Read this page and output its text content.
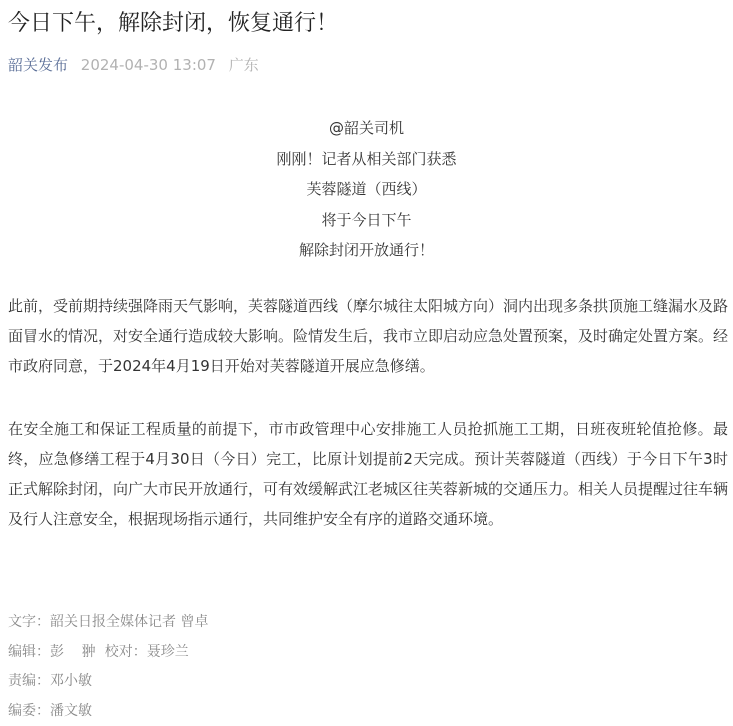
今日下午，解除封闭，恢复通行！
韶关发布 2024-04-30 13:07 广东
@韶关司机
刚刚！记者从相关部门获悉
芙蓉隧道（西线）
将于今日下午
解除封闭开放通行！

此前，受前期持续强降雨天气影响，芙蓉隧道西线（摩尔城往太阳城方向）洞内出现多条拱顶施工缝漏水及路面冒水的情况，对安全通行造成较大影响。险情发生后，我市立即启动应急处置预案，及时确定处置方案。经市政府同意，于2024年4月19日开始对芙蓉隧道开展应急修缮。

在安全施工和保证工程质量的前提下，市市政管理中心安排施工人员抢抓施工工期，日班夜班轮值抢修。最终，应急修缮工程于4月30日（今日）完工，比原计划提前2天完成。预计芙蓉隧道（西线）于今日下午3时正式解除封闭，向广大市民开放通行，可有效缓解武江老城区往芙蓉新城的交通压力。相关人员提醒过往车辆及行人注意安全，根据现场指示通行，共同维护安全有序的道路交通环境。

文字：韶关日报全媒体记者 曾卓
编辑：彭    翀  校对：聂珍兰
责编：邓小敏
编委：潘文敏
